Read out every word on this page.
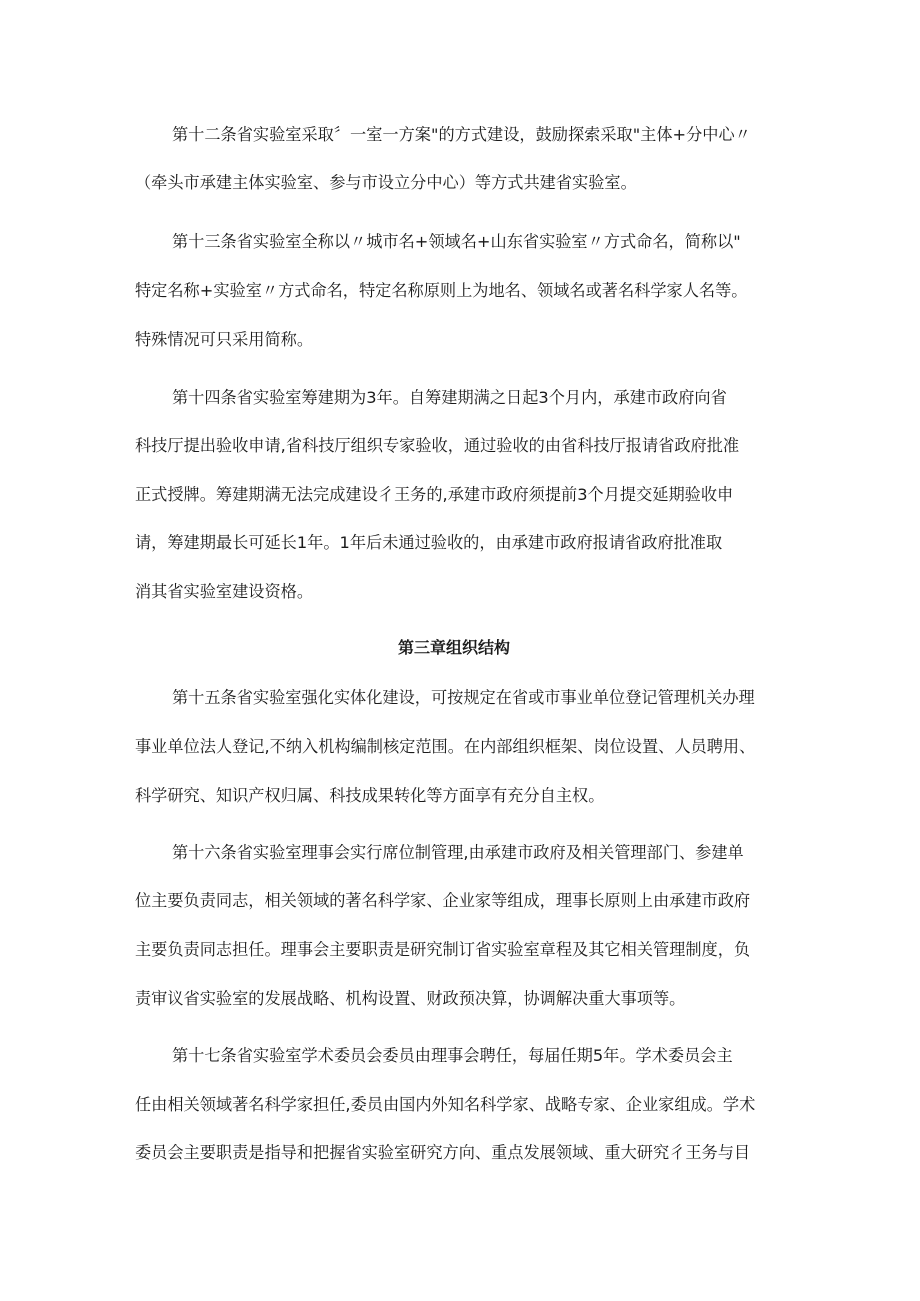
第十二条省实验室采取〞一室一方案"的方式建设，鼓励探索采取"主体+分中心〃
（牵头市承建主体实验室、参与市设立分中心）等方式共建省实验室。
第十三条省实验室全称以〃城市名+领域名+山东省实验室〃方式命名，简称以"
特定名称+实验室〃方式命名，特定名称原则上为地名、领域名或著名科学家人名等。
特殊情况可只采用简称。
第十四条省实验室筹建期为3年。自筹建期满之日起3个月内，承建市政府向省
科技厅提出验收申请,省科技厅组织专家验收，通过验收的由省科技厅报请省政府批准
正式授牌。筹建期满无法完成建设彳王务的,承建市政府须提前3个月提交延期验收申
请，筹建期最长可延长1年。1年后未通过验收的，由承建市政府报请省政府批准取
消其省实验室建设资格。
第三章组织结构
第十五条省实验室强化实体化建设，可按规定在省或市事业单位登记管理机关办理
事业单位法人登记,不纳入机构编制核定范围。在内部组织框架、岗位设置、人员聘用、
科学研究、知识产权归属、科技成果转化等方面享有充分自主权。
第十六条省实验室理事会实行席位制管理,由承建市政府及相关管理部门、参建单
位主要负责同志，相关领域的著名科学家、企业家等组成，理事长原则上由承建市政府
主要负责同志担任。理事会主要职责是研究制订省实验室章程及其它相关管理制度，负
责审议省实验室的发展战略、机构设置、财政预决算，协调解决重大事项等。
第十七条省实验室学术委员会委员由理事会聘任，每届任期5年。学术委员会主
任由相关领域著名科学家担任,委员由国内外知名科学家、战略专家、企业家组成。学术
委员会主要职责是指导和把握省实验室研究方向、重点发展领域、重大研究彳王务与目
